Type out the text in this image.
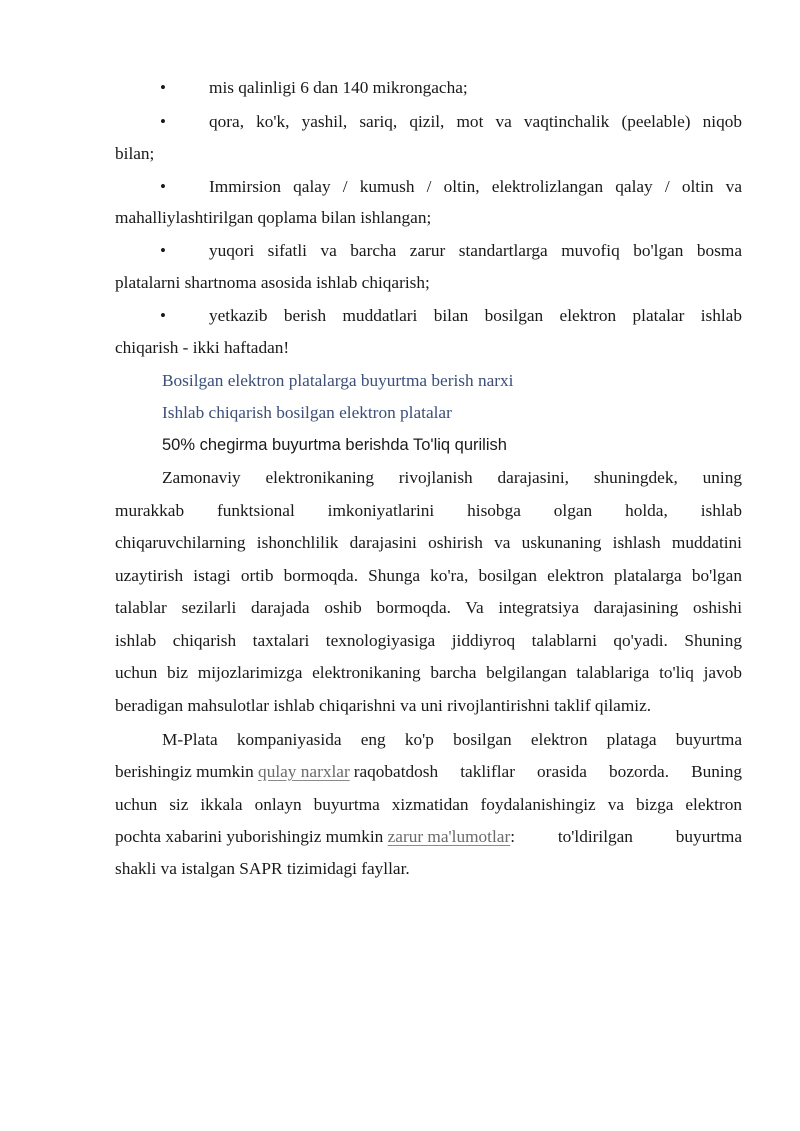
• mis qalinligi 6 dan 140 mikrongacha;
• qora, ko'k, yashil, sariq, qizil, mot va vaqtinchalik (peelable) niqob
bilan;
• Immirsion qalay / kumush / oltin, elektrolizlangan qalay / oltin va
mahalliylashtirilgan qoplama bilan ishlangan;
• yuqori sifatli va barcha zarur standartlarga muvofiq bo'lgan bosma
platalarni shartnoma asosida ishlab chiqarish;
• yetkazib berish muddatlari bilan bosilgan elektron platalar ishlab
chiqarish - ikki haftadan!
Bosilgan elektron platalarga buyurtma berish narxi
Ishlab chiqarish bosilgan elektron platalar
50% chegirma buyurtma berishda To'liq qurilish
Zamonaviy elektronikaning rivojlanish darajasini, shuningdek, uning
murakkab funktsional imkoniyatlarini hisobga olgan holda, ishlab
chiqaruvchilarning ishonchlilik darajasini oshirish va uskunaning ishlash muddatini
uzaytirish istagi ortib bormoqda. Shunga ko'ra, bosilgan elektron platalarga bo'lgan
talablar sezilarli darajada oshib bormoqda. Va integratsiya darajasining oshishi
ishlab chiqarish taxtalari texnologiyasiga jiddiyroq talablarni qo'yadi. Shuning
uchun biz mijozlarimizga elektronikaning barcha belgilangan talablariga to'liq javob
beradigan mahsulotlar ishlab chiqarishni va uni rivojlantirishni taklif qilamiz.
M-Plata kompaniyasida eng ko'p bosilgan elektron plataga buyurtma
berishingiz mumkin qulay narxlar raqobatdosh takliflar orasida bozorda. Buning
uchun siz ikkala onlayn buyurtma xizmatidan foydalanishingiz va bizga elektron
pochta xabarini yuborishingiz mumkin zarur ma'lumotlar : to'ldirilgan buyurtma
shakli va istalgan SAPR tizimidagi fayllar.
